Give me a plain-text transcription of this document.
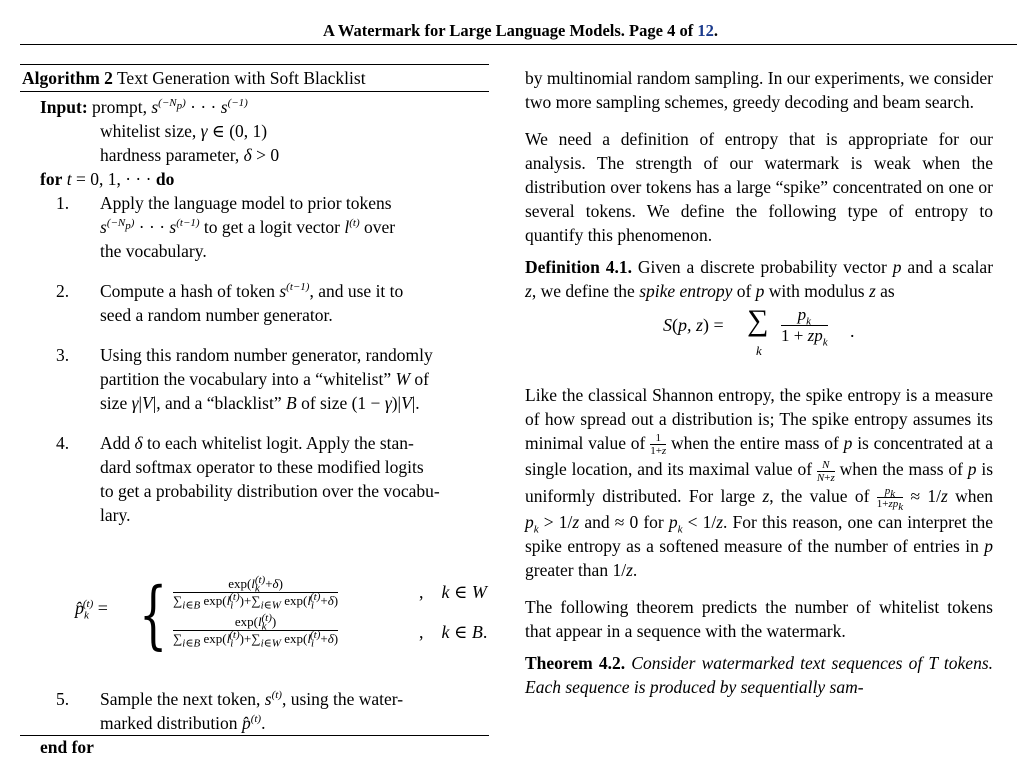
A Watermark for Large Language Models. Page 4 of 12.
Algorithm 2 Text Generation with Soft Blacklist
Input: prompt, $s^{(-N_p)}$ · · · $s^{(-1)}$
whitelist size, γ ∈ (0, 1)
hardness parameter, δ > 0
for t = 0, 1, · · · do
1. Apply the language model to prior tokens
$s^{(-N_p)}$ · · · $s^{(t-1)}$ to get a logit vector $l^{(t)}$ over
the vocabulary.
2. Compute a hash of token $s^{(t-1)}$, and use it to
seed a random number generator.
3. Using this random number generator, randomly
partition the vocabulary into a “whitelist” W of
size γ|V|, and a “blacklist” B of size (1 − γ)|V|.
4. Add δ to each whitelist logit. Apply the stan-
dard softmax operator to these modified logits
to get a probability distribution over the vocabu-
lary.
$p̂_k^{(t)}$ = { $\frac{\exp(l_k^{(t)}+\delta)}{\sum_{i\in B} \exp(l_i^{(t)})+\sum_{i\in W} \exp(l_i^{(t)}+\delta)}$	, k ∈ W
$\frac{\exp(l_k^{(t)})}{\sum_{i\in B} \exp(l_i^{(t)})+\sum_{i\in W} \exp(l_i^{(t)}+\delta)}$	, k ∈ B.
5. Sample the next token, $s^{(t)}$, using the water-
marked distribution p̂$^{(t)}$.
end for

by multinomial random sampling. In our experiments, we consider two more sampling schemes, greedy decoding and beam search.

We need a definition of entropy that is appropriate for our analysis. The strength of our watermark is weak when the distribution over tokens has a large “spike” concentrated on one or several tokens. We define the following type of entropy to quantify this phenomenon.

Definition 4.1. Given a discrete probability vector p and a scalar z, we define the spike entropy of p with modulus z as

S(p, z) = ∑
k
$p_k$
$1 + zp_k$
.

Like the classical Shannon entropy, the spike entropy is a measure of how spread out a distribution is; The spike entropy assumes its minimal value of $\frac{1}{1+z}$ when the entire mass of p is concentrated at a single location, and its maximal value of $\frac{N}{N+z}$ when the mass of p is uniformly distributed. For large z, the value of	$p_k$
$1+zp_k$
≈ 1/z when $p_k > 1/z$ and ≈ 0 for $p_k < 1/z$. For this reason, one can interpret the spike entropy as a softened measure of the number of entries in p greater than 1/z.

The following theorem predicts the number of whitelist tokens that appear in a sequence with the watermark.

Theorem 4.2. Consider watermarked text sequences of T tokens. Each sequence is produced by sequentially sam-
